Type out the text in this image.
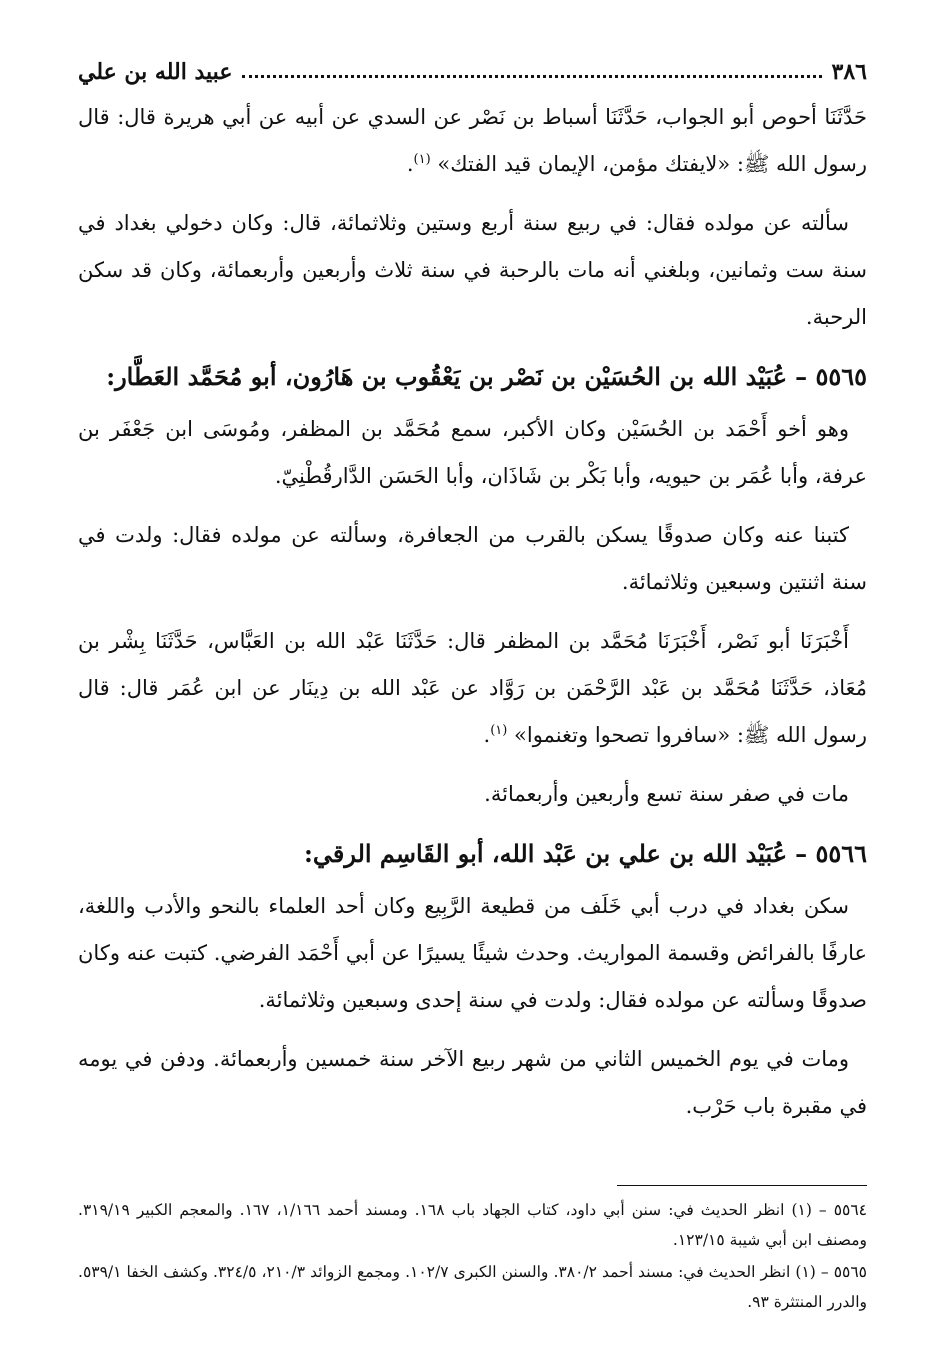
٣٨٦
عبيد الله بن علي

حَدَّثَنَا أحوص أبو الجواب، حَدَّثَنَا أسباط بن نَصْر عن السدي عن أبيه عن أبي هريرة قال: قال رسول الله ﷺ: «لايفتك مؤمن، الإيمان قيد الفتك» $^{(١)}$.

سألته عن مولده فقال: في ربيع سنة أربع وستين وثلاثمائة، قال: وكان دخولي بغداد في سنة ست وثمانين، وبلغني أنه مات بالرحبة في سنة ثلاث وأربعين وأربعمائة، وكان قد سكن الرحبة.

٥٥٦٥ –عُبَيْد الله بن الحُسَيْن بن نَصْر بن يَعْقُوب بن هَارُون، أبو مُحَمَّد العَطَّار:

وهو أخو أَحْمَد بن الحُسَيْن وكان الأكبر، سمع مُحَمَّد بن المظفر، ومُوسَى ابن جَعْفَر بن عرفة، وأبا عُمَر بن حيويه، وأبا بَكْر بن شَاذَان، وأبا الحَسَن الدَّارقُطْنِيّ.

كتبنا عنه وكان صدوقًا يسكن بالقرب من الجعافرة، وسألته عن مولده فقال: ولدت في سنة اثنتين وسبعين وثلاثمائة.

أَخْبَرَنَا أبو نَصْر، أَخْبَرَنَا مُحَمَّد بن المظفر قال: حَدَّثَنَا عَبْد الله بن العَبَّاس، حَدَّثَنَا بِشْر بن مُعَاذ، حَدَّثَنَا مُحَمَّد بن عَبْد الرَّحْمَن بن رَوَّاد عن عَبْد الله بن دِينَار عن ابن عُمَر قال: قال رسول الله ﷺ: «سافروا تصحوا وتغنموا» $^{(١)}$.

مات في صفر سنة تسع وأربعين وأربعمائة.

٥٥٦٦ –عُبَيْد الله بن علي بن عَبْد الله، أبو القَاسِم الرقي:

سكن بغداد في درب أبي خَلَف من قطيعة الرَّبِيع وكان أحد العلماء بالنحو والأدب واللغة، عارفًا بالفرائض وقسمة المواريث. وحدث شيئًا يسيرًا عن أبي أَحْمَد الفرضي. كتبت عنه وكان صدوقًا وسألته عن مولده فقال: ولدت في سنة إحدى وسبعين وثلاثمائة.

ومات في يوم الخميس الثاني من شهر ربيع الآخر سنة خمسين وأربعمائة. ودفن في يومه في مقبرة باب حَرْب.

٥٥٦٤ – (١) انظر الحديث في: سنن أبي داود، كتاب الجهاد باب ١٦٨. ومسند أحمد ١/١٦٦، ١٦٧. والمعجم الكبير ٣١٩/١٩. ومصنف ابن أبي شيبة ١٢٣/١٥.

٥٥٦٥ – (١) انظر الحديث في: مسند أحمد ٣٨٠/٢. والسنن الكبرى ١٠٢/٧. ومجمع الزوائد ٢١٠/٣، ٣٢٤/٥. وكشف الخفا ٥٣٩/١. والدرر المنتثرة ٩٣.
